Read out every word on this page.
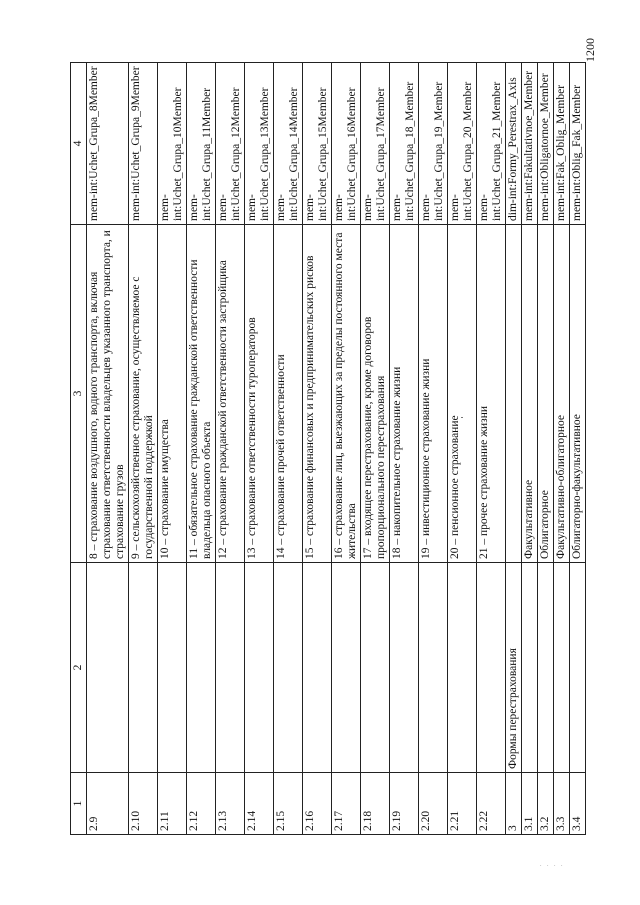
1	2	3	4
2.9		8 – страхование воздушного, водного транспорта, включая страхование ответственности владельцев указанного транспорта, и страхование грузов	mem-int:Uchet_Grupa_8Member
2.10		9 – сельскохозяйственное страхование, осуществляемое с государственной поддержкой	mem-int:Uchet_Grupa_9Member
2.11		10 – страхование имущества	mem-int:Uchet_Grupa_10Member
2.12		11 – обязательное страхование гражданской ответственности владельца опасного объекта	mem-int:Uchet_Grupa_11Member
2.13		12 – страхование гражданской ответственности застройщика	mem-int:Uchet_Grupa_12Member
2.14		13 – страхование ответственности туроператоров	mem-int:Uchet_Grupa_13Member
2.15		14 – страхование прочей ответственности	mem-int:Uchet_Grupa_14Member
2.16		15 – страхование финансовых и предпринимательских рисков	mem-int:Uchet_Grupa_15Member
2.17		16 – страхование лиц, выезжающих за пределы постоянного места жительства	mem-int:Uchet_Grupa_16Member
2.18		17 – входящее перестрахование, кроме договоров пропорционального перестрахования	mem-int:Uchet_Grupa_17Member
2.19		18 – накопительное страхование жизни	mem-int:Uchet_Grupa_18_Member
2.20		19 – инвестиционное страхование жизни	mem-int:Uchet_Grupa_19_Member
2.21		20 – пенсионное страхование	mem-int:Uchet_Grupa_20_Member
2.22		21 – прочее страхование жизни	mem-int:Uchet_Grupa_21_Member
3	Формы перестрахования		dim-int:Formy_Perestrax_Axis
3.1		Факультативное	mem-int:Fakultativnoe_Member
3.2		Облигаторное	mem-int:Obligatornoe_Member
3.3		Факультативно-облигаторное	mem-int:Fak_Oblig_Member
3.4		Облигаторно-факультативное	mem-int:Oblig_Fak_Member
1200
. . . .
